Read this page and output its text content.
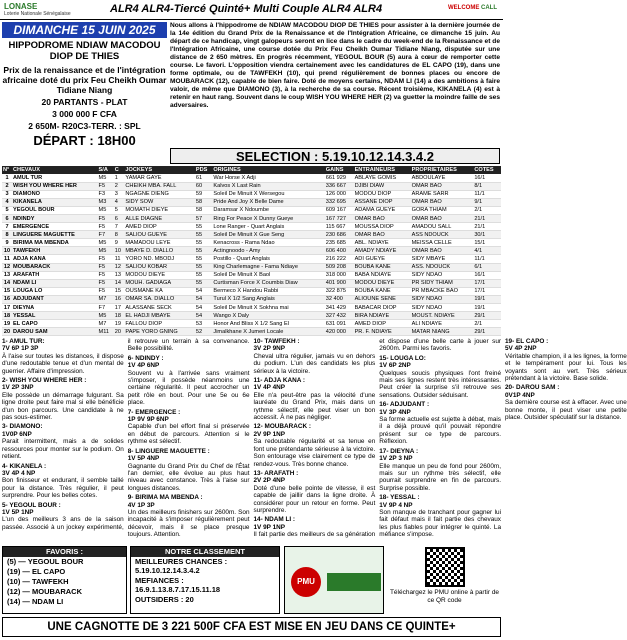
LONASE
Loterie Nationale Sénégalaise	ALR4 ALR4-Tiercé Quinté+ Multi Couple ALR4 ALR4	WELCOME CALL
DIMANCHE 15 JUIN 2025
HIPPODROME NDIAW MACODOU DIOP DE THIES
Prix de la renaissance et de l'intégration
africaine doté du prix Feu Cheikh Oumar
Tidiane Niang
20 PARTANTS - PLAT
3 000 000 F CFA
2 650M- R20C3-TERR. : SPL
DÉPART : 18H00
Nous allons à l'hippodrome de NDIAW MACODOU DIOP DE THIES pour assister à la dernière journée de la 14e édition du Grand Prix de la Renaissance et de l'Intégration Africaine, ce dimanche 15 juin. Au départ de ce handicap, vingt galopeurs seront en lice dans le cadre du week-end de la Renaissance et de l'Intégration Africaine, une course dotée du Prix Feu Cheikh Oumar Tidiane Niang, disputée sur une distance de 2 650 mètres. En progrès récemment, YEGOUL BOUR (5) aura à cœur de remporter cette course. Le favori. L'opposition viendra certainement avec les candidatures de EL CAPO (19), dans une forme optimale, ou de TAWFEKH (10), qui prend régulièrement de bonnes places ou encore de MOUBARACK (12), capable de bien faire. Doté de moyens certains, NDAM LI (14) a des ambitions à faire valoir, de même que DIAMONO (3), à la recherche de sa course. Récent troisième, KIKANELA (4) est à retenir en haut rang. Souvent dans le coup WISH YOU WHERE HER (2) va guetter la moindre faille de ses adversaires.
SELECTION : 5.19.10.12.14.3.4.2
N°	CHEVAUX	S/A	C	JOCKEYS	PDS	ORIGINES	GAINS	ENTRAINEURS	PROPRIETAIRES	COTES
1	AMUL TUR	M5	1	YAMAR GAYE	61	War Horse X Adji	661 929	ABLAYE GOMIS	ABDOULAYE	16/1
2	WISH YOU WHERE HER	F5	2	CHEIKH MBA. FALL	60	Kalvos X Last Rain	336 667	DJIBI DIAW	OMAR BAO	8/1
3	DIAMONO	F3	3	NGAGNE DIENG	59	Soleil De Minuit X Wersegou	126 000	MODOU DIOP	ARAME SARR	11/1
4	KIKANELA	M3	4	SIDY SOW	58	Pride And Joy X Belle Dame	332 695	ASSANE DIOP	OMAR BAO	9/1
5	YEGOUL BOUR	M5	5	MOMATH DIEYE	58	Daramsar X Ndoumbe	609 167	ADAMA GUEYE	GORA THIAM	2/1
6	NDINDY	F5	6	ALLE DIAGNE	57	Ring For Peace X Dunny Gueye	167 727	OMAR BAO	OMAR BAO	21/1
7	EMERGENCE	F5	7	AMED DIOP	55	Lone Ranger - Quart Anglais	115 667	MOUSSA DIOP	AMADOU SALL	21/1
8	LINGUERE MAGUETTE	F7	8	SALIOU GUEYE	55	Soleil De Minuit X Gue Seng	230 686	OMAR BAO	ASS NDOUCK	30/1
9	BIRIMA MA MBENDA	M5	9	MAMADOU LEYE	55	Kenacross - Rama Ndao	235 685	ABL. NDIAYE	MEISSA CELLE	15/1
10	TAWFEKH	M5	10	MBAYE D. DIALLO	55	Actingnoodo - Amy	606 400	AMADY NDIAYE	OMAR BAO	4/1
11	ADJA KANA	F5	11	YORO ND. MBODJ	55	Postillo - Quart Anglais	216 222	ADI GUEYE	SIDY MBAYE	11/1
12	MOUBARACK	F5	12	SALIOU KOBAR	55	King Charlemagne - Fama Ndiaye	509 208	BOUBA KANE	ASS. NDOUCK	6/1
13	ARAFATH	F5	13	MODOU DIEYE	55	Soleil De Minuit X Baol	318 000	BABA NDIAYE	SIDY NDAO	16/1
14	NDAM LI	F5	14	MOUH. GADIAGA	55	Curtisman Force X Coumbis Diaw	401 900	MODOU DIEYE	PR SIDY THIAM	17/1
15	LOUGA LO	F5	15	OUSMANE KA	54	Bermeco X Handou Rabbi	322 875	BOUBA KANE	PR MBACKE BAO	17/1
16	ADJUDANT	M7	16	OMAR SA. DIALLO	54	Turul X 1/2 Sang Anglais	32 400	ALIOUNE SENE	SIDY NDAO	19/1
17	DIEYNA	F7	17	ALASSANE SECK	54	Soleil De Minuit X Sokhna mai	341 429	BABACAR DIOP	SIDY NDAO	19/1
18	YESSAL	M5	18	EL HADJI MBAYE	54	Wango X Daly	327 432	BIRA NDIAYE	MOUST. NDIAYE	29/1
19	EL CAPO	M7	19	FALLOU DIOP	53	Honor And Bliss X 1/2 Sang El	631 091	AMED DIOP	ALI NDIAYE	2/1
20	DAROU SAM	M11	20	PAPE YORO GNING	52	Jimalkhane X Jumeri Locale	420 000	PR. F. NDIAYE	MATAR NIANG	29/1

1- AMUL TUR:
7V 6P 1P 3P
À l'aise sur toutes les distances, il dispose d'une redoutable tenue et d'un mental de guerrier. Affaire d'impression.

2- WISH YOU WHERE HER :
1V 2P 3NP
Elle possède un démarrage fulgurant. Sa ligne droite peut faire mal si elle bénéficie d'un bon parcours. Une candidate à ne pas sous-estimer.

3- DIAMONO:
1V0P 6NP
Parait intermittent, mais a de solides ressources pour monter sur le podium. On retient.

4- KIKANELA :
3V 4P 4 NP
Bon finisseur et endurant, il semble taillé pour la distance. Très régulier, il peut surprendre. Pour les belles cotes.

5- YEGOUL BOUR :
1V 5P 1NP
L'un des meilleurs 3 ans de la saison passée. Associé à un jockey expérimenté, il retrouve un terrain à sa convenance. Belle possibilité.

6- NDINDY :
1V 4P 6NP
Souvent vu à l'arrivée sans vraiment s'imposer, il possède néanmoins une certaine régularité. Il peut accrocher un petit rôle en bout. Pour une 5e ou 6e place.

7- EMERGENCE :
1P 9V 9P 6NP
Capable d'un bel effort final si préservée en début de parcours. Attention si le rythme est sélectif.

8- LINGUERE MAGUETTE :
1V 5P 4NP
Gagnante du Grand Prix du Chef de l'État l'an dernier, elle évolue au plus haut niveau avec constance. Très à l'aise sur longues distances.

9- BIRIMA MA MBENDA :
4V 1P 3P
Un des meilleurs finishers sur 2600m. Son incapacité à s'imposer régulièrement peut décevoir, mais il se place presque toujours. Attention.

10- TAWFEKH :
3V 2P 9NP
Cheval ultra régulier, jamais vu en dehors du podium. L'un des candidats les plus sérieux à la victoire.

11- ADJA KANA :
1V 4P 4NP
Elle n'a peut-être pas la vélocité d'une lauréate du Grand Prix, mais dans un rythme sélectif, elle peut viser un bon accessit. À ne pas négliger.

12- MOUBARACK :
2V 9P 1NP
Sa redoutable régularité et sa tenue en font une prétendante sérieuse à la victoire. Son entourage vise clairement ce type de rendez-vous. Très bonne chance.

13- ARAFATH :
2V 2P 4NP
Doté d'une belle pointe de vitesse, il est capable de jaillir dans la ligne droite. À considérer pour un retour en forme. Peut surprendre.

14- NDAM LI :
1V 9P 1NP
Il fait partie des meilleurs de sa génération et dispose d'une belle carte à jouer sur 2600m. Parmi les favoris.

15- LOUGA LO:
1V 6P 2NP
Quelques soucis physiques l'ont freiné mais ses lignes restent très intéressantes. Peut créer la surprise s'il retrouve ses sensations. Outsider séduisant.

16- ADJUDANT :
1V 3P 4NP
Sa forme actuelle est sujette à débat, mais il a déjà prouvé qu'il pouvait répondre présent sur ce type de parcours. Réflexion.

17- DIEYNA :
1V 2P 3 NP
Elle manque un peu de fond pour 2600m, mais sur un rythme très sélectif, elle pourrait surprendre en fin de parcours. Surprise possible.

18- YESSAL :
1V 9P 4 NP
Son manque de tranchant pour gagner lui fait défaut mais il fait partie des chevaux les plus fiables pour intégrer le quinté. La méfiance s'impose.

19- EL CAPO :
5V 4P 2NP
Véritable champion, il a les lignes, la forme et le tempérament pour lui. Tous les voyants sont au vert. Très sérieux prétendant à la victoire. Base solide.

20- DAROU SAM :
0V1P 4NP
Sa dernière course est à effacer. Avec une bonne monte, il peut viser une petite place. Outsider spéculatif sur la distance.

FAVORIS :
(5) — YEGOUL BOUR
(19) — EL CAPO
(10) — TAWFEKH
(12) — MOUBARACK
(14) — NDAM LI
NOTRE CLASSEMENT
MEILLEURES CHANCES :
5.19.10.12.14.3.4.2
MEFIANCES :
16.9.1.13.8.7.17.15.11.18
OUTSIDERS : 20
PMU
Téléchargez le PMU online à partir de ce QR code
UNE CAGNOTTE DE 3 221 500F CFA EST MISE EN JEU DANS CE QUINTE+
